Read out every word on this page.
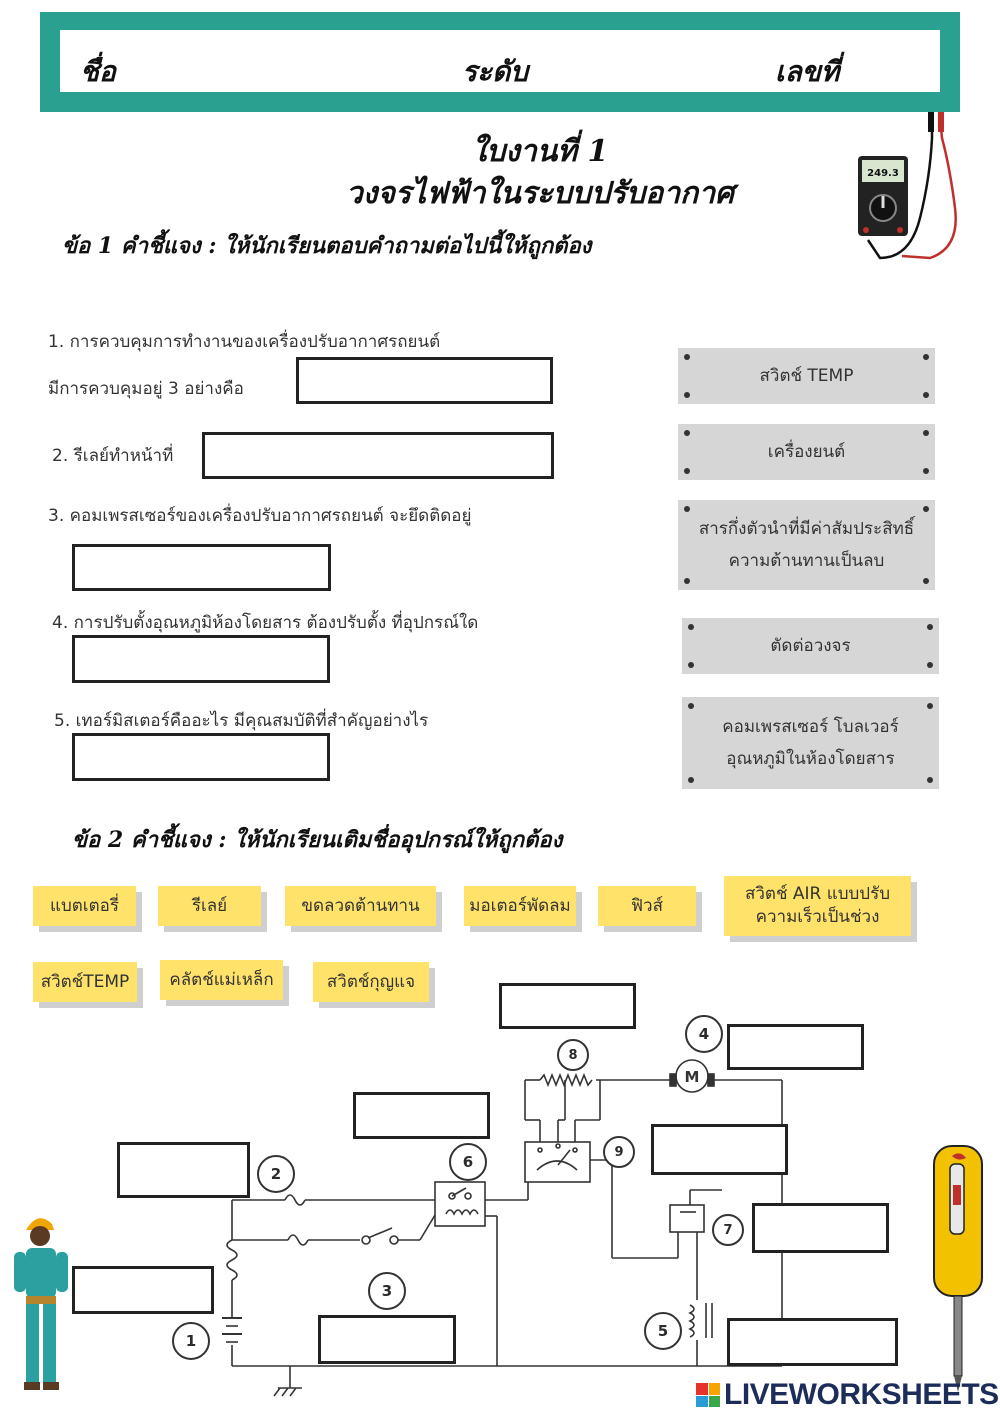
ชื่อ	ระดับ	เลขที่
ใบงานที่ 1
วงจรไฟฟ้าในระบบปรับอากาศ
249.3
ข้อ 1 คำชี้แจง : ให้นักเรียนตอบคำถามต่อไปนี้ให้ถูกต้อง
1. การควบคุมการทำงานของเครื่องปรับอากาศรถยนต์
มีการควบคุมอยู่ 3 อย่างคือ
2. รีเลย์ทำหน้าที่
3. คอมเพรสเซอร์ของเครื่องปรับอากาศรถยนต์ จะยึดติดอยู่
4. การปรับตั้งอุณหภูมิห้องโดยสาร ต้องปรับตั้ง ที่อุปกรณ์ใด
5. เทอร์มิสเตอร์คืออะไร มีคุณสมบัติที่สำคัญอย่างไร
สวิตช์ TEMP
เครื่องยนต์
สารกึ่งตัวนำที่มีค่าสัมประสิทธิ์
ความต้านทานเป็นลบ
ตัดต่อวงจร
คอมเพรสเซอร์ โบลเวอร์
อุณหภูมิในห้องโดยสาร
ข้อ 2 คำชี้แจง : ให้นักเรียนเติมชื่ออุปกรณ์ให้ถูกต้อง
แบตเตอรี่	รีเลย์	ขดลวดต้านทาน	มอเตอร์พัดลม	ฟิวส์
สวิตช์ AIR แบบปรับ
ความเร็วเป็นช่วง
สวิตช์TEMP คลัตช์แม่เหล็ก	สวิตช์กุญแจ
M
1
2
3
4
5
6
7
8
9
LIVEWORKSHEETS
